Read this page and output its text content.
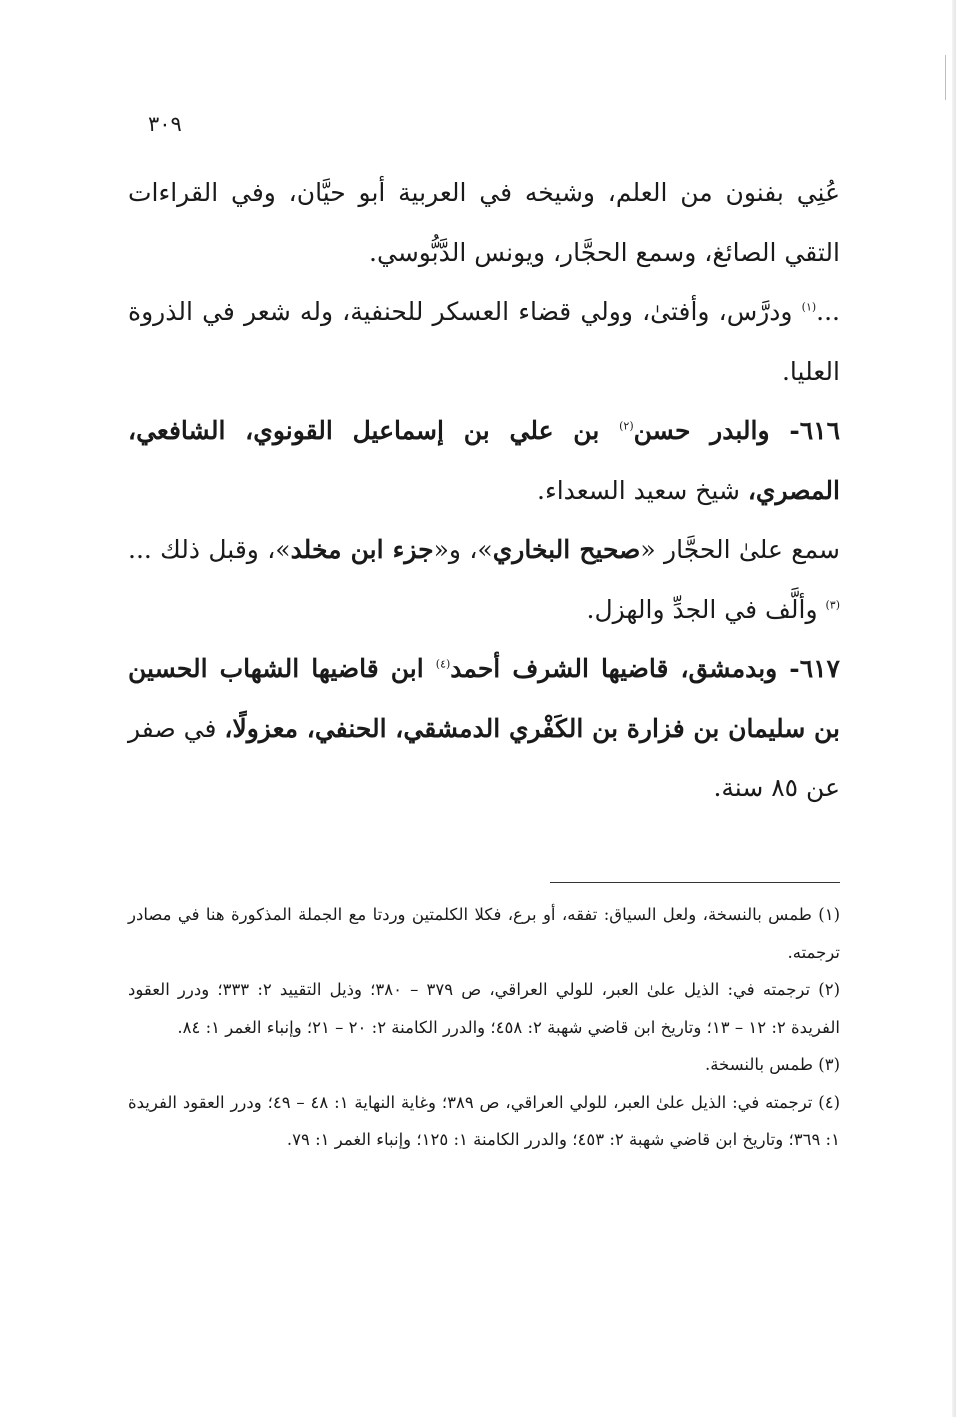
٣٠٩

عُنِي بفنون من العلم، وشيخه في العربية أبو حيَّان، وفي القراءات التقي الصائغ، وسمع الحجَّار، ويونس الدَّبُّوسي.

...$^{(١)}$ ودرَّس، وأفتىٰ، وولي قضاء العسكر للحنفية، وله شعر في الذروة العليا.

٦١٦- والبدر حسن$^{(٢)}$ بن علي بن إسماعيل القونوي، الشافعي، المصري، شيخ سعيد السعداء.

سمع علىٰ الحجَّار «صحيح البخاري»، و«جزء ابن مخلد»، وقبل ذلك ...$^{(٣)}$ وألَّف في الجدِّ والهزل.

٦١٧- وبدمشق، قاضيها الشرف أحمد$^{(٤)}$ ابن قاضيها الشهاب الحسين بن سليمان بن فزارة بن الكَفْري الدمشقي، الحنفي، معزولًا، في صفر عن ٨٥ سنة.

(١) طمس بالنسخة، ولعل السياق: تفقه، أو برع، فكلا الكلمتين وردتا مع الجملة المذكورة هنا في مصادر ترجمته.

(٢) ترجمته في: الذيل علىٰ العبر، للولي العراقي، ص ٣٧٩ – ٣٨٠؛ وذيل التقييد ٢: ٣٣٣؛ ودرر العقود الفريدة ٢: ١٢ – ١٣؛ وتاريخ ابن قاضي شهبة ٢: ٤٥٨؛ والدرر الكامنة ٢: ٢٠ – ٢١؛ وإنباء الغمر ١: ٨٤.

(٣) طمس بالنسخة.

(٤) ترجمته في: الذيل علىٰ العبر، للولي العراقي، ص ٣٨٩؛ وغاية النهاية ١: ٤٨ – ٤٩؛ ودرر العقود الفريدة ١: ٣٦٩؛ وتاريخ ابن قاضي شهبة ٢: ٤٥٣؛ والدرر الكامنة ١: ١٢٥؛ وإنباء الغمر ١: ٧٩.
